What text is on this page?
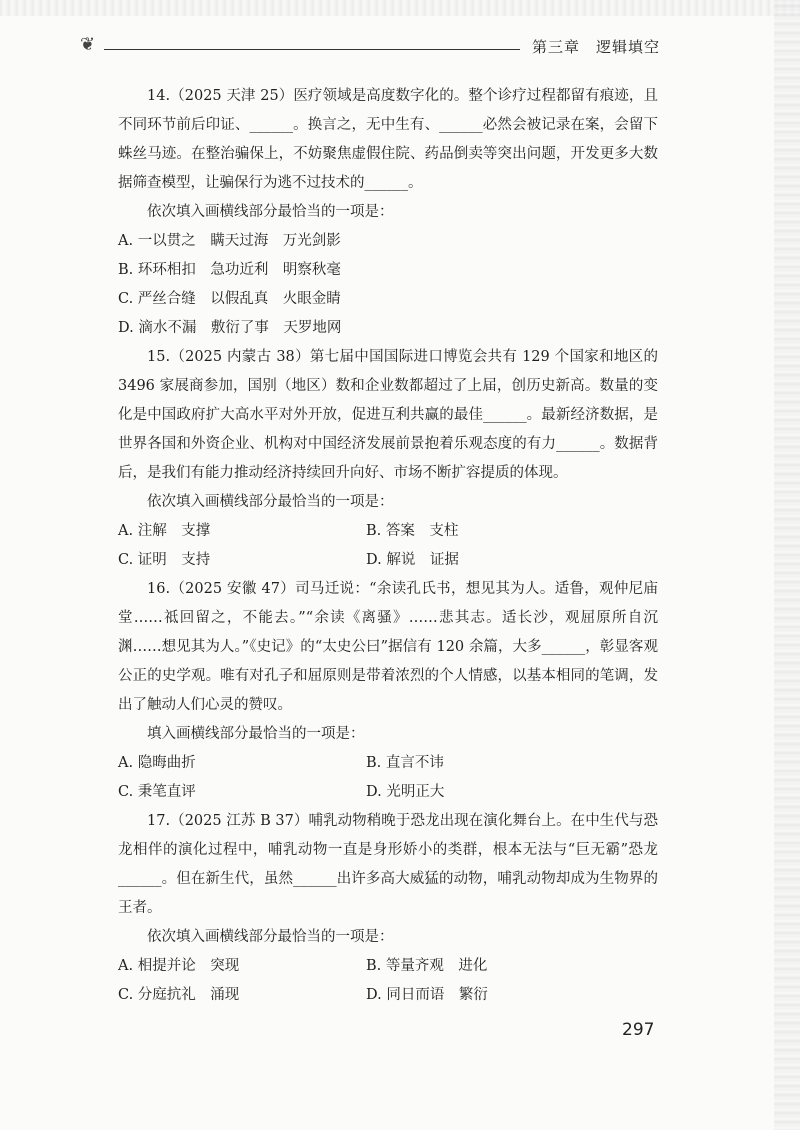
❦	第三章　逻辑填空

14.（2025 天津 25）医疗领域是高度数字化的。整个诊疗过程都留有痕迹，且不同环节前后印证、______。换言之，无中生有、______必然会被记录在案，会留下蛛丝马迹。在整治骗保上，不妨聚焦虚假住院、药品倒卖等突出问题，开发更多大数据筛查模型，让骗保行为逃不过技术的______。

依次填入画横线部分最恰当的一项是：

A. 一以贯之　瞒天过海　万光剑影

B. 环环相扣　急功近利　明察秋毫

C. 严丝合缝　以假乱真　火眼金睛

D. 滴水不漏　敷衍了事　天罗地网

15.（2025 内蒙古 38）第七届中国国际进口博览会共有 129 个国家和地区的 3496 家展商参加，国别（地区）数和企业数都超过了上届，创历史新高。数量的变化是中国政府扩大高水平对外开放，促进互利共赢的最佳______。最新经济数据，是世界各国和外资企业、机构对中国经济发展前景抱着乐观态度的有力______。数据背后，是我们有能力推动经济持续回升向好、市场不断扩容提质的体现。

依次填入画横线部分最恰当的一项是：

A. 注解　支撑	B. 答案　支柱
C. 证明　支持	D. 解说　证据

16.（2025 安徽 47）司马迁说：“余读孔氏书，想见其为人。适鲁，观仲尼庙堂……祗回留之，不能去。”“余读《离骚》……悲其志。适长沙，观屈原所自沉渊……想见其为人。”《史记》的“太史公曰”据信有 120 余篇，大多______，彰显客观公正的史学观。唯有对孔子和屈原则是带着浓烈的个人情感，以基本相同的笔调，发出了触动人们心灵的赞叹。

填入画横线部分最恰当的一项是：

A. 隐晦曲折	B. 直言不讳
C. 秉笔直评	D. 光明正大

17.（2025 江苏 B 37）哺乳动物稍晚于恐龙出现在演化舞台上。在中生代与恐龙相伴的演化过程中，哺乳动物一直是身形娇小的类群，根本无法与“巨无霸”恐龙______。但在新生代，虽然______出许多高大威猛的动物，哺乳动物却成为生物界的王者。

依次填入画横线部分最恰当的一项是：

A. 相提并论　突现	B. 等量齐观　进化
C. 分庭抗礼　涌现	D. 同日而语　繁衍
297
